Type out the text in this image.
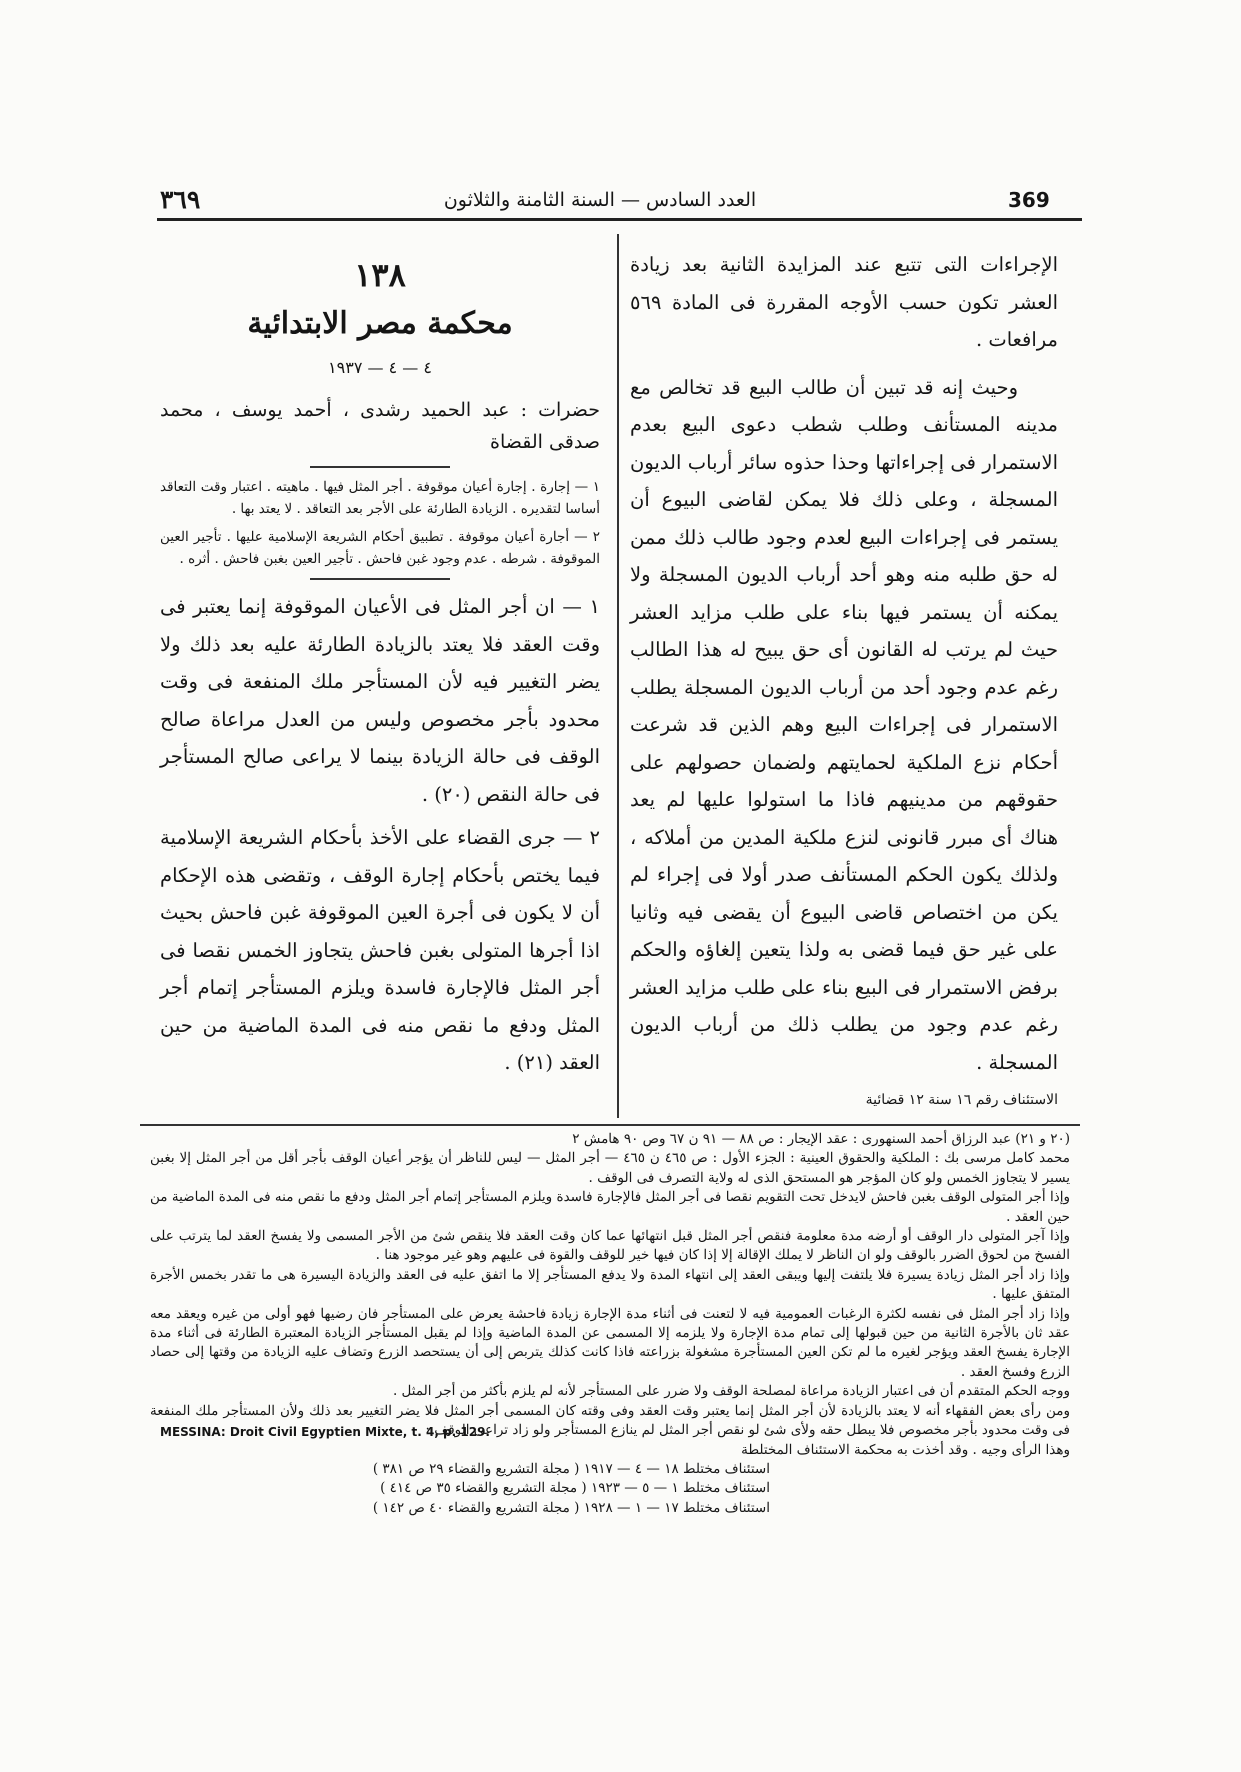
369
العدد السادس — السنة الثامنة والثلاثون
٣٦٩

الإجراءات التى تتبع عند المزايدة الثانية بعد زيادة العشر تكون حسب الأوجه المقررة فى المادة ٥٦٩ مرافعات .

وحيث إنه قد تبين أن طالب البيع قد تخالص مع مدينه المستأنف وطلب شطب دعوى البيع بعدم الاستمرار فى إجراءاتها وحذا حذوه سائر أرباب الديون المسجلة ، وعلى ذلك فلا يمكن لقاضى البيوع أن يستمر فى إجراءات البيع لعدم وجود طالب ذلك ممن له حق طلبه منه وهو أحد أرباب الديون المسجلة ولا يمكنه أن يستمر فيها بناء على طلب مزايد العشر حيث لم يرتب له القانون أى حق يبيح له هذا الطالب رغم عدم وجود أحد من أرباب الديون المسجلة يطلب الاستمرار فى إجراءات البيع وهم الذين قد شرعت أحكام نزع الملكية لحمايتهم ولضمان حصولهم على حقوقهم من مدينيهم فاذا ما استولوا عليها لم يعد هناك أى مبرر قانونى لنزع ملكية المدين من أملاكه ، ولذلك يكون الحكم المستأنف صدر أولا فى إجراء لم يكن من اختصاص قاضى البيوع أن يقضى فيه وثانيا على غير حق فيما قضى به ولذا يتعين إلغاؤه والحكم برفض الاستمرار فى البيع بناء على طلب مزايد العشر رغم عدم وجود من يطلب ذلك من أرباب الديون المسجلة .

الاستئناف رقم ١٦ سنة ١٢ قضائية

١٣٨
محكمة مصر الابتدائية
٤ — ٤ — ١٩٣٧
حضرات : عبد الحميد رشدى ، أحمد يوسف ، محمد صدقى القضاة

١ — إجارة . إجارة أعيان موقوفة . أجر المثل فيها . ماهيته . اعتبار وقت التعاقد أساسا لتقديره . الزيادة الطارئة على الأجر بعد التعاقد . لا يعتد بها .

٢ — أجارة أعيان موقوفة . تطبيق أحكام الشريعة الإسلامية عليها . تأجير العين الموقوفة . شرطه . عدم وجود غبن فاحش . تأجير العين بغبن فاحش . أثره .

١ — ان أجر المثل فى الأعيان الموقوفة إنما يعتبر فى وقت العقد فلا يعتد بالزيادة الطارئة عليه بعد ذلك ولا يضر التغيير فيه لأن المستأجر ملك المنفعة فى وقت محدود بأجر مخصوص وليس من العدل مراعاة صالح الوقف فى حالة الزيادة بينما لا يراعى صالح المستأجر فى حالة النقص (٢٠) .

٢ — جرى القضاء على الأخذ بأحكام الشريعة الإسلامية فيما يختص بأحكام إجارة الوقف ، وتقضى هذه الإحكام أن لا يكون فى أجرة العين الموقوفة غبن فاحش بحيث اذا أجرها المتولى بغبن فاحش يتجاوز الخمس نقصا فى أجر المثل فالإجارة فاسدة ويلزم المستأجر إتمام أجر المثل ودفع ما نقص منه فى المدة الماضية من حين العقد (٢١) .

(٢٠ و ٢١) عبد الرزاق أحمد السنهورى : عقد الإيجار : ص ٨٨ — ٩١ ن ٦٧ وص ٩٠ هامش ٢

محمد كامل مرسى بك : الملكية والحقوق العينية : الجزء الأول : ص ٤٦٥ ن ٤٦٥ — أجر المثل — ليس للناظر أن يؤجر أعيان الوقف بأجر أقل من أجر المثل إلا بغبن يسير لا يتجاوز الخمس ولو كان المؤجر هو المستحق الذى له ولاية التصرف فى الوقف .

وإذا أجر المتولى الوقف بغبن فاحش لايدخل تحت التقويم نقصا فى أجر المثل فالإجارة فاسدة ويلزم المستأجر إتمام أجر المثل ودفع ما نقص منه فى المدة الماضية من حين العقد .

وإذا آجر المتولى دار الوقف أو أرضه مدة معلومة فنقص أجر المثل قبل انتهائها عما كان وقت العقد فلا ينقص شئ من الأجر المسمى ولا يفسخ العقد لما يترتب على الفسخ من لحوق الضرر بالوقف ولو ان الناظر لا يملك الإقالة إلا إذا كان فيها خير للوقف والقوة فى عليهم وهو غير موجود هنا .

وإذا زاد أجر المثل زيادة يسيرة فلا يلتفت إليها ويبقى العقد إلى انتهاء المدة ولا يدفع المستأجر إلا ما اتفق عليه فى العقد والزيادة اليسيرة هى ما تقدر بخمس الأجرة المتفق عليها .

وإذا زاد أجر المثل فى نفسه لكثرة الرغبات العمومية فيه لا لتعنت فى أثناء مدة الإجارة زيادة فاحشة يعرض على المستأجر فان رضيها فهو أولى من غيره ويعقد معه عقد ثان بالأجرة الثانية من حين قبولها إلى تمام مدة الإجارة ولا يلزمه إلا المسمى عن المدة الماضية وإذا لم يقبل المستأجر الزيادة المعتبرة الطارئة فى أثناء مدة الإجارة يفسخ العقد ويؤجر لغيره ما لم تكن العين المستأجرة مشغولة بزراعته فاذا كانت كذلك يتربص إلى أن يستحصد الزرع وتضاف عليه الزيادة من وقتها إلى حصاد الزرع وفسخ العقد .

ووجه الحكم المتقدم أن فى اعتبار الزيادة مراعاة لمصلحة الوقف ولا ضرر على المستأجر لأنه لم يلزم بأكثر من أجر المثل .

ومن رأى بعض الفقهاء أنه لا يعتد بالزيادة لأن أجر المثل إنما يعتبر وقت العقد وفى وقته كان المسمى أجر المثل فلا يضر التغيير بعد ذلك ولأن المستأجر ملك المنفعة فى وقت محدود بأجر مخصوص فلا يبطل حقه ولأى شئ لو نقص أجر المثل لم ينازع المستأجر ولو زاد تراعى الوقف :

وهذا الرأى وجيه . وقد أخذت به محكمة الاستئناف المختلطة

استئناف مختلط ١٨ — ٤ — ١٩١٧ ( مجلة التشريع والقضاء ٢٩ ص ٣٨١ )

استئناف مختلط ١ — ٥ — ١٩٢٣ ( مجلة التشريع والقضاء ٣٥ ص ٤١٤ )

استئناف مختلط ١٧ — ١ — ١٩٢٨ ( مجلة التشريع والقضاء ٤٠ ص ١٤٢ )

MESSINA: Droit Civil Egyptien Mixte, t. 4, p. 129.
